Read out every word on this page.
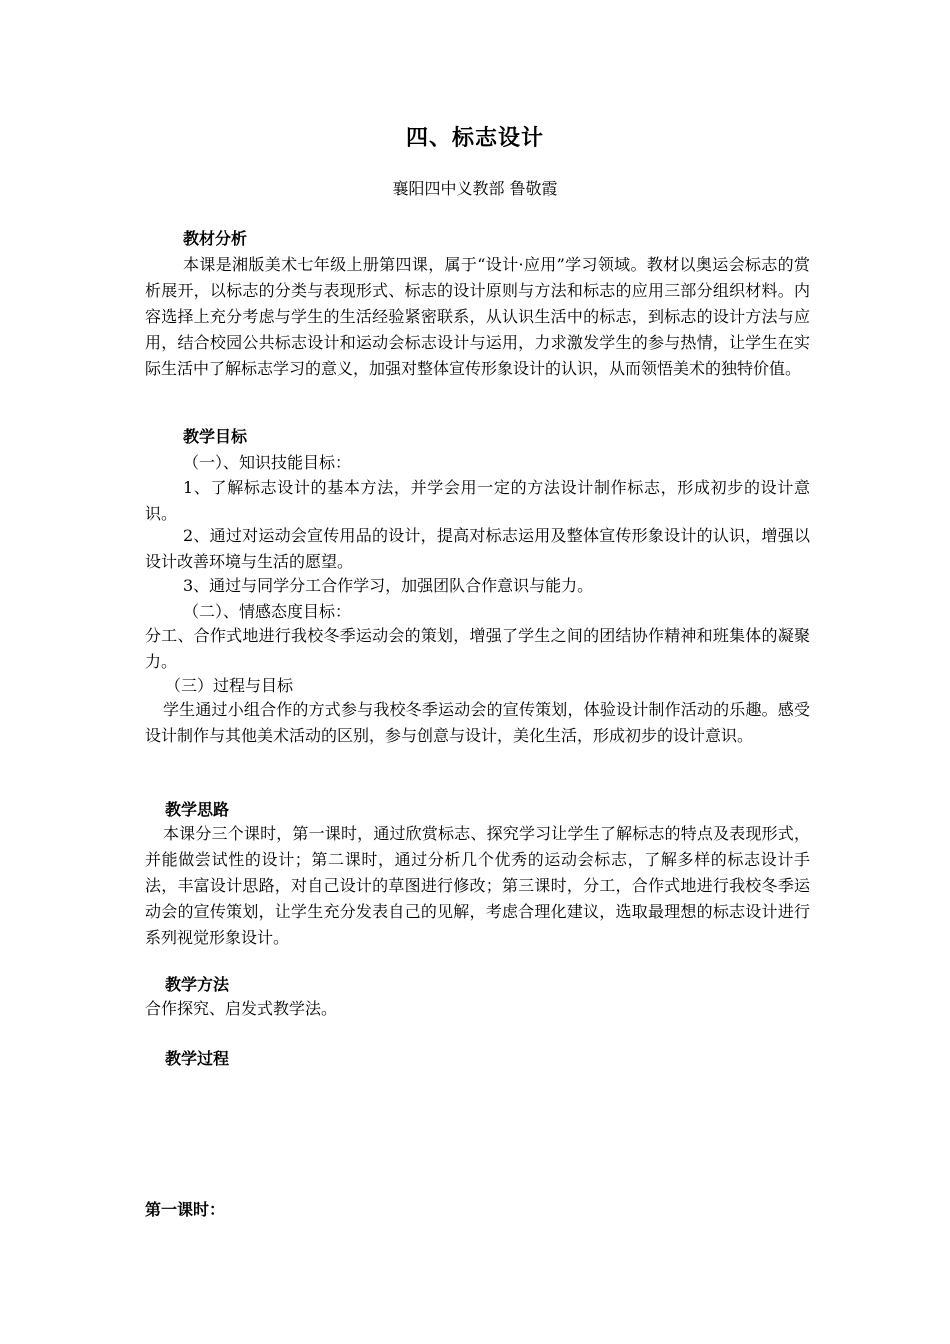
四、标志设计
襄阳四中义教部 鲁敬霞
教材分析

本课是湘版美术七年级上册第四课，属于“设计·应用”学习领域。教材以奥运会标志的赏析展开，以标志的分类与表现形式、标志的设计原则与方法和标志的应用三部分组织材料。内容选择上充分考虑与学生的生活经验紧密联系，从认识生活中的标志，到标志的设计方法与应用，结合校园公共标志设计和运动会标志设计与运用，力求激发学生的参与热情，让学生在实际生活中了解标志学习的意义，加强对整体宣传形象设计的认识，从而领悟美术的独特价值。

教学目标
（一）、知识技能目标：

1、了解标志设计的基本方法，并学会用一定的方法设计制作标志，形成初步的设计意识。

2、通过对运动会宣传用品的设计，提高对标志运用及整体宣传形象设计的认识，增强以设计改善环境与生活的愿望。

3、通过与同学分工合作学习，加强团队合作意识与能力。
（二）、情感态度目标：

分工、合作式地进行我校冬季运动会的策划，增强了学生之间的团结协作精神和班集体的凝聚力。

（三）过程与目标

学生通过小组合作的方式参与我校冬季运动会的宣传策划，体验设计制作活动的乐趣。感受设计制作与其他美术活动的区别，参与创意与设计，美化生活，形成初步的设计意识。

教学思路

本课分三个课时，第一课时，通过欣赏标志、探究学习让学生了解标志的特点及表现形式，并能做尝试性的设计；第二课时，通过分析几个优秀的运动会标志，了解多样的标志设计手法，丰富设计思路，对自己设计的草图进行修改；第三课时，分工，合作式地进行我校冬季运动会的宣传策划，让学生充分发表自己的见解，考虑合理化建议，选取最理想的标志设计进行系列视觉形象设计。

教学方法
合作探究、启发式教学法。
教学过程
第一课时：
